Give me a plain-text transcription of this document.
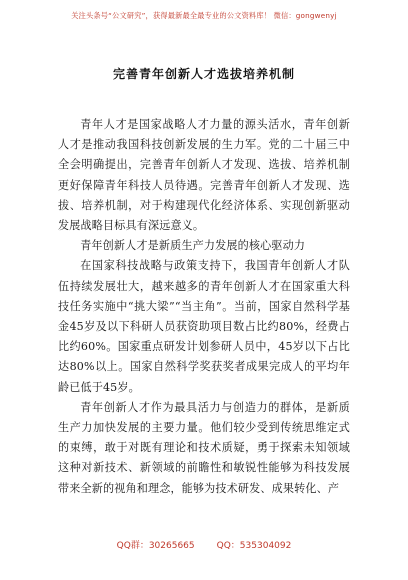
关注头条号“公文研究”，获得最新最全最专业的公文资料库！ 微信：gongwenyj
完善青年创新人才选拔培养机制

青年人才是国家战略人才力量的源头活水，青年创新人才是推动我国科技创新发展的生力军。党的二十届三中全会明确提出，完善青年创新人才发现、选拔、培养机制更好保障青年科技人员待遇。完善青年创新人才发现、选拔、培养机制，对于构建现代化经济体系、实现创新驱动发展战略目标具有深远意义。

青年创新人才是新质生产力发展的核心驱动力

在国家科技战略与政策支持下，我国青年创新人才队伍持续发展壮大，越来越多的青年创新人才在国家重大科技任务实施中“挑大梁”“当主角”。当前，国家自然科学基金45岁及以下科研人员获资助项目数占比约80%，经费占比约60%。国家重点研发计划参研人员中，45岁以下占比达80%以上。国家自然科学奖获奖者成果完成人的平均年龄已低于45岁。

青年创新人才作为最具活力与创造力的群体，是新质生产力加快发展的主要力量。他们较少受到传统思维定式的束缚，敢于对既有理论和技术质疑，勇于探索未知领域这种对新技术、新领域的前瞻性和敏锐性能够为科技发展带来全新的视角和理念，能够为技术研发、成果转化、产

QQ群：30265665 QQ：535304092
